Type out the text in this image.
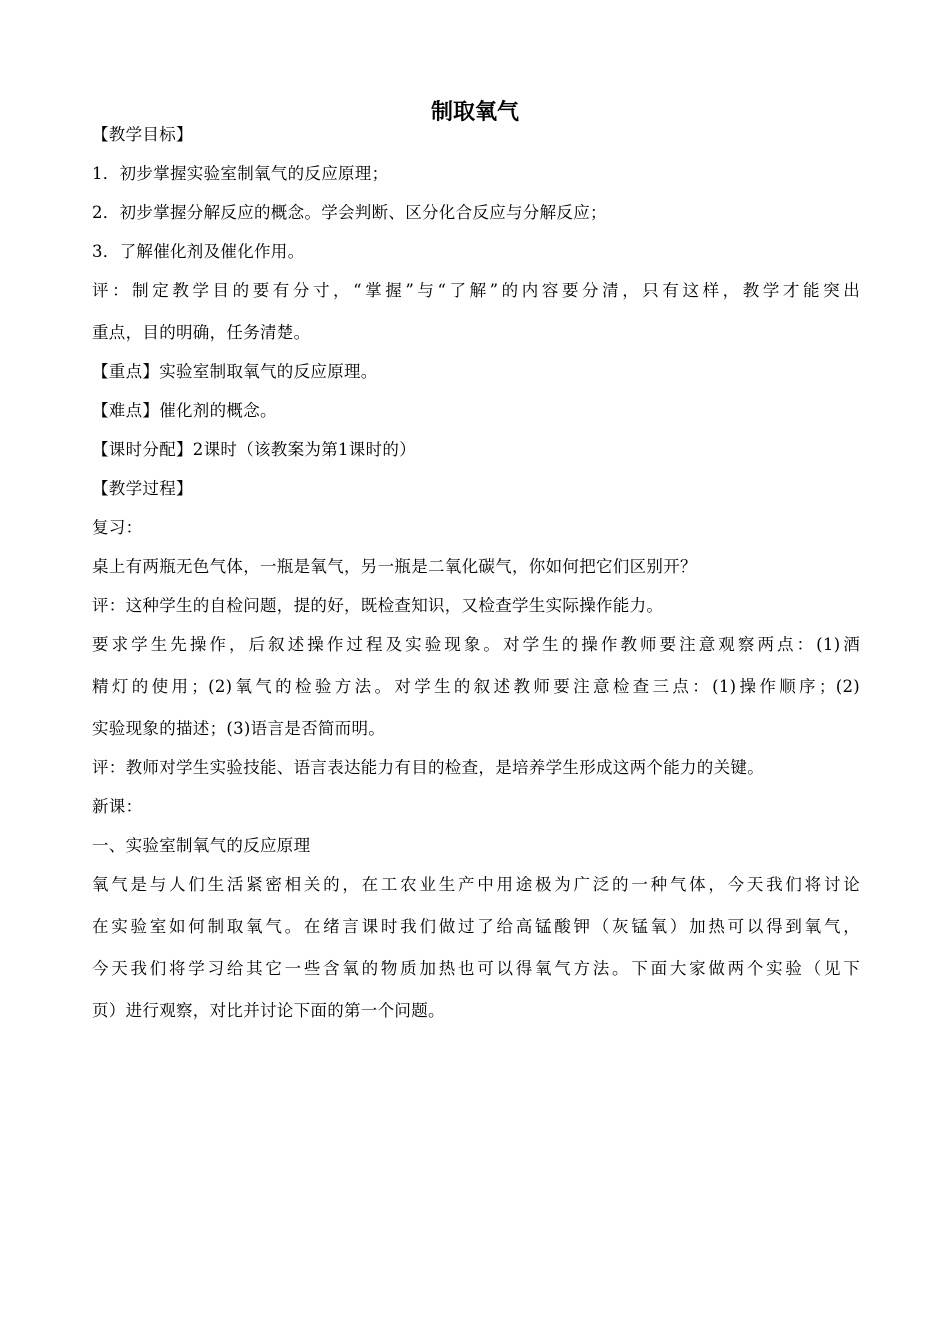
制取氧气

【教学目标】

1．初步掌握实验室制氧气的反应原理；

2．初步掌握分解反应的概念。学会判断、区分化合反应与分解反应；

3．了解催化剂及催化作用。

评：制定教学目的要有分寸，“掌握”与“了解”的内容要分清，只有这样，教学才能突出
重点，目的明确，任务清楚。

【重点】实验室制取氧气的反应原理。

【难点】催化剂的概念。

【课时分配】2课时（该教案为第1课时的）

【教学过程】

复习：

桌上有两瓶无色气体，一瓶是氧气，另一瓶是二氧化碳气，你如何把它们区别开？

评：这种学生的自检问题，提的好，既检查知识，又检查学生实际操作能力。

要求学生先操作，后叙述操作过程及实验现象。对学生的操作教师要注意观察两点：(1)酒
精灯的使用；(2)氧气的检验方法。对学生的叙述教师要注意检查三点：(1)操作顺序；(2)
实验现象的描述；(3)语言是否简而明。

评：教师对学生实验技能、语言表达能力有目的检查，是培养学生形成这两个能力的关键。

新课：

一、实验室制氧气的反应原理

氧气是与人们生活紧密相关的，在工农业生产中用途极为广泛的一种气体，今天我们将讨论
在实验室如何制取氧气。在绪言课时我们做过了给高锰酸钾（灰锰氧）加热可以得到氧气，
今天我们将学习给其它一些含氧的物质加热也可以得氧气方法。下面大家做两个实验（见下
页）进行观察，对比并讨论下面的第一个问题。
